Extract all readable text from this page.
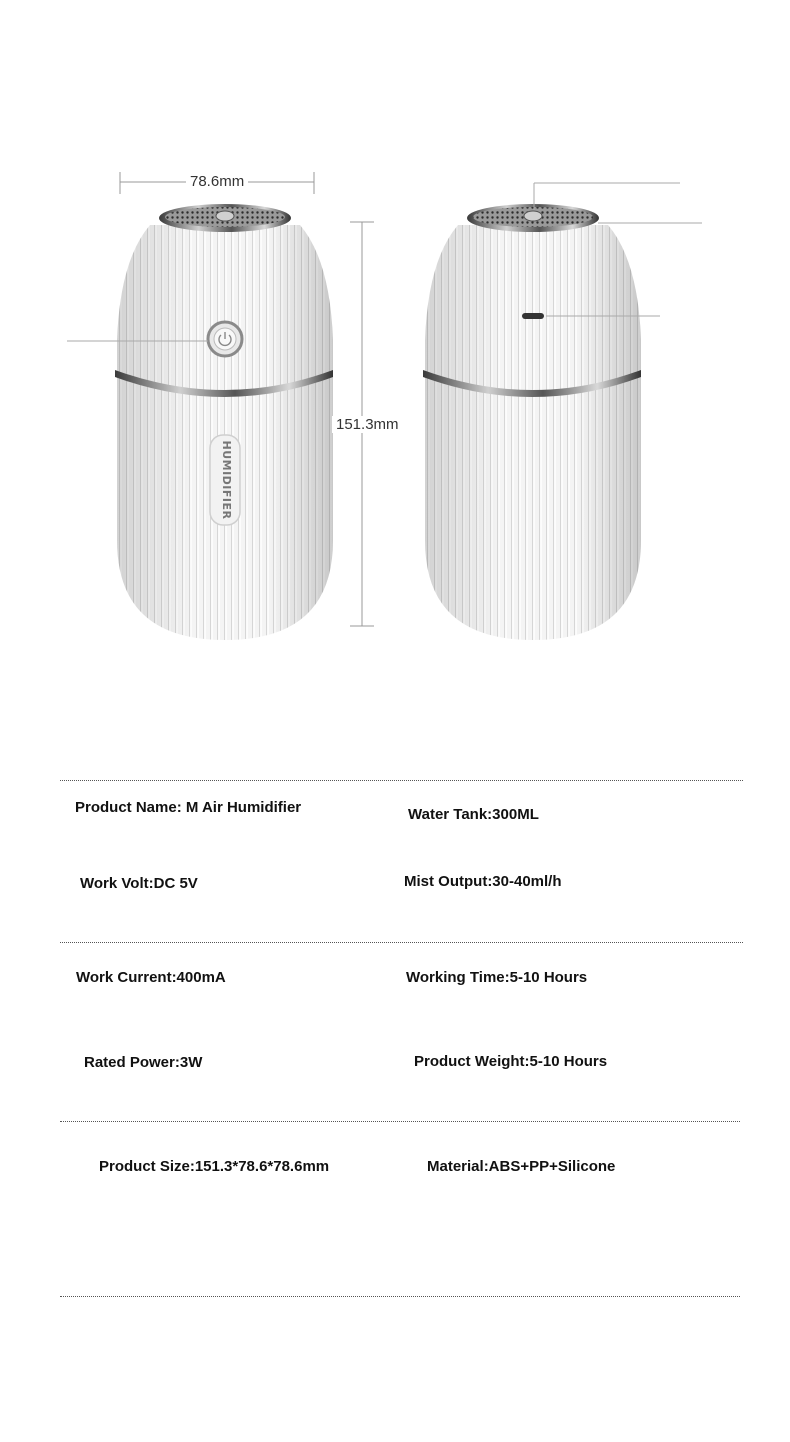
HUMIDIFIER
78.6mm
151.3mm
Product Name: M Air Humidifier	Water Tank:300ML
Work Volt:DC 5V	Mist Output:30-40ml/h
Work Current:400mA	Working Time:5-10 Hours
Rated Power:3W	Product Weight:5-10 Hours
Product Size:151.3*78.6*78.6mm	Material:ABS+PP+Silicone
